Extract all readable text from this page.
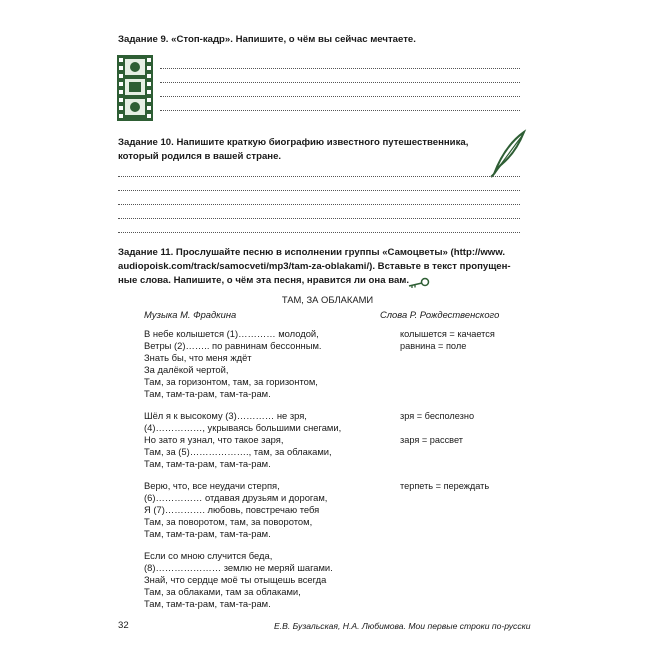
Задание 9. «Стоп-кадр». Напишите, о чём вы сейчас мечтаете.
Задание 10. Напишите краткую биографию известного путешественника,
который родился в вашей стране.
Задание 11. Прослушайте песню в исполнении группы «Самоцветы» (http://www.
audiopoisk.com/track/samocveti/mp3/tam-za-oblakami/). Вставьте в текст пропущен-
ные слова. Напишите, о чём эта песня, нравится ли она вам.
ТАМ, ЗА ОБЛАКАМИ
Музыка М. Фрадкина	Слова Р. Рождественского
В небе колышется (1)………… молодой,
Ветры (2)…….. по равнинам бессонным.
Знать бы, что меня ждёт
За далёкой чертой,
Там, за горизонтом, там, за горизонтом,
Там, там-та-рам, там-та-рам.
Шёл я к высокому (3)………… не зря,
(4)……………, укрываясь большими снегами,
Но зато я узнал, что такое заря,
Там, за (5)………………., там, за облаками,
Там, там-та-рам, там-та-рам.
Верю, что, все неудачи стерпя,
(6)…………… отдавая друзьям и дорогам,
Я (7)…………. любовь, повстречаю тебя
Там, за поворотом, там, за поворотом,
Там, там-та-рам, там-та-рам.
Если со мною случится беда,
(8)………………… землю не меряй шагами.
Знай, что сердце моё ты отыщешь всегда
Там, за облаками, там за облаками,
Там, там-та-рам, там-та-рам.
колышется = качается
равнина = поле
зря = бесполезно
заря = рассвет
терпеть = переждать
32	Е.В. Бузальская, Н.А. Любимова. Мои первые строки по-русски
